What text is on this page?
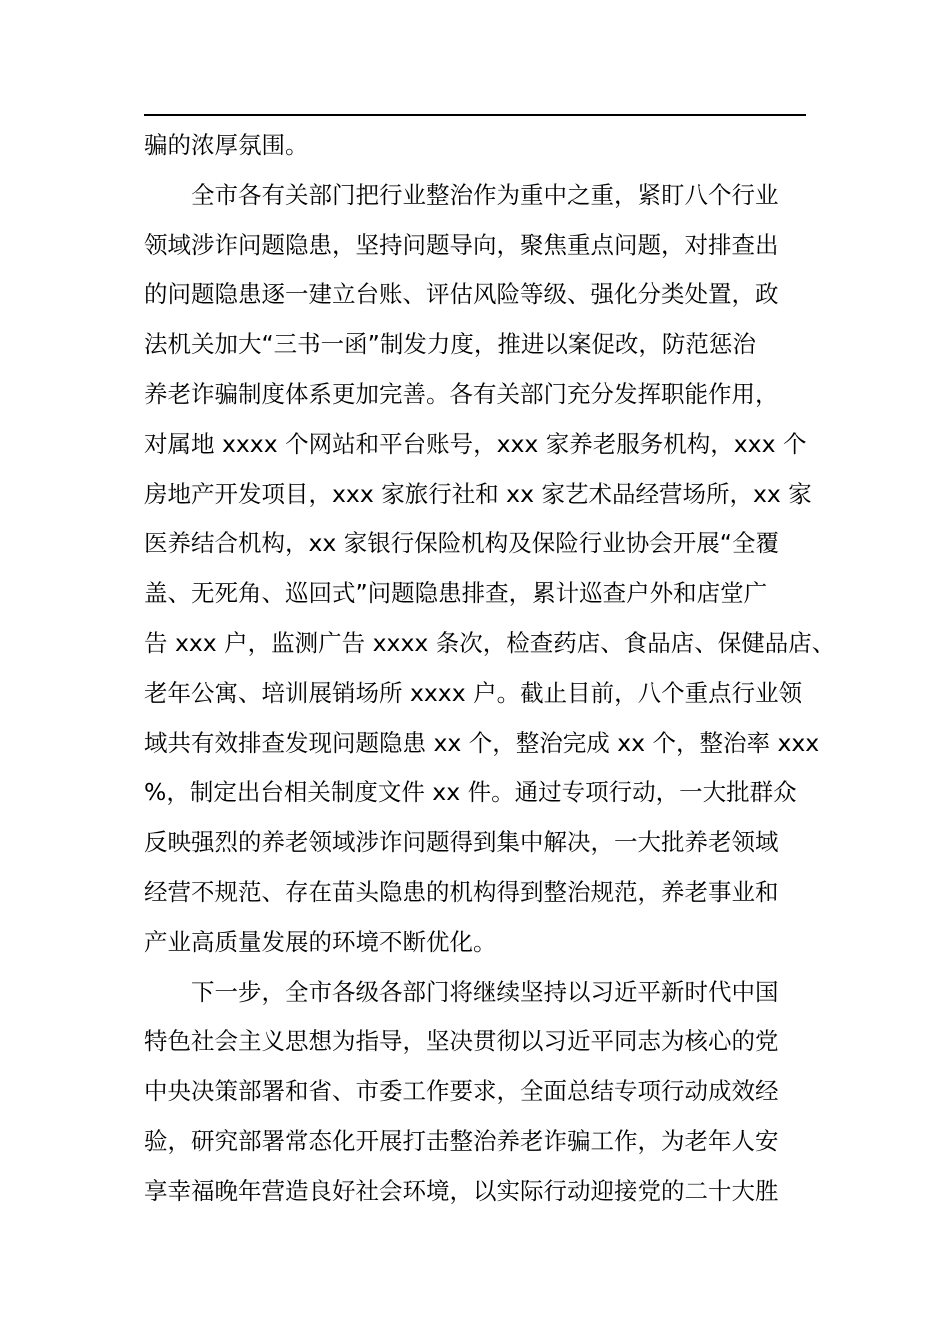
骗的浓厚氛围。
全市各有关部门把行业整治作为重中之重，紧盯八个行业
领域涉诈问题隐患，坚持问题导向，聚焦重点问题，对排查出
的问题隐患逐一建立台账、评估风险等级、强化分类处置，政
法机关加大“三书一函”制发力度，推进以案促改，防范惩治
养老诈骗制度体系更加完善。各有关部门充分发挥职能作用，
对属地 xxxx 个网站和平台账号，xxx 家养老服务机构，xxx 个
房地产开发项目，xxx 家旅行社和 xx 家艺术品经营场所，xx 家
医养结合机构，xx 家银行保险机构及保险行业协会开展“全覆
盖、无死角、巡回式”问题隐患排查，累计巡查户外和店堂广
告 xxx 户，监测广告 xxxx 条次，检查药店、食品店、保健品店、
老年公寓、培训展销场所 xxxx 户。截止目前，八个重点行业领
域共有效排查发现问题隐患 xx 个，整治完成 xx 个，整治率 xxx
%，制定出台相关制度文件 xx 件。通过专项行动，一大批群众
反映强烈的养老领域涉诈问题得到集中解决，一大批养老领域
经营不规范、存在苗头隐患的机构得到整治规范，养老事业和
产业高质量发展的环境不断优化。
下一步，全市各级各部门将继续坚持以习近平新时代中国
特色社会主义思想为指导，坚决贯彻以习近平同志为核心的党
中央决策部署和省、市委工作要求，全面总结专项行动成效经
验，研究部署常态化开展打击整治养老诈骗工作，为老年人安
享幸福晚年营造良好社会环境，以实际行动迎接党的二十大胜
